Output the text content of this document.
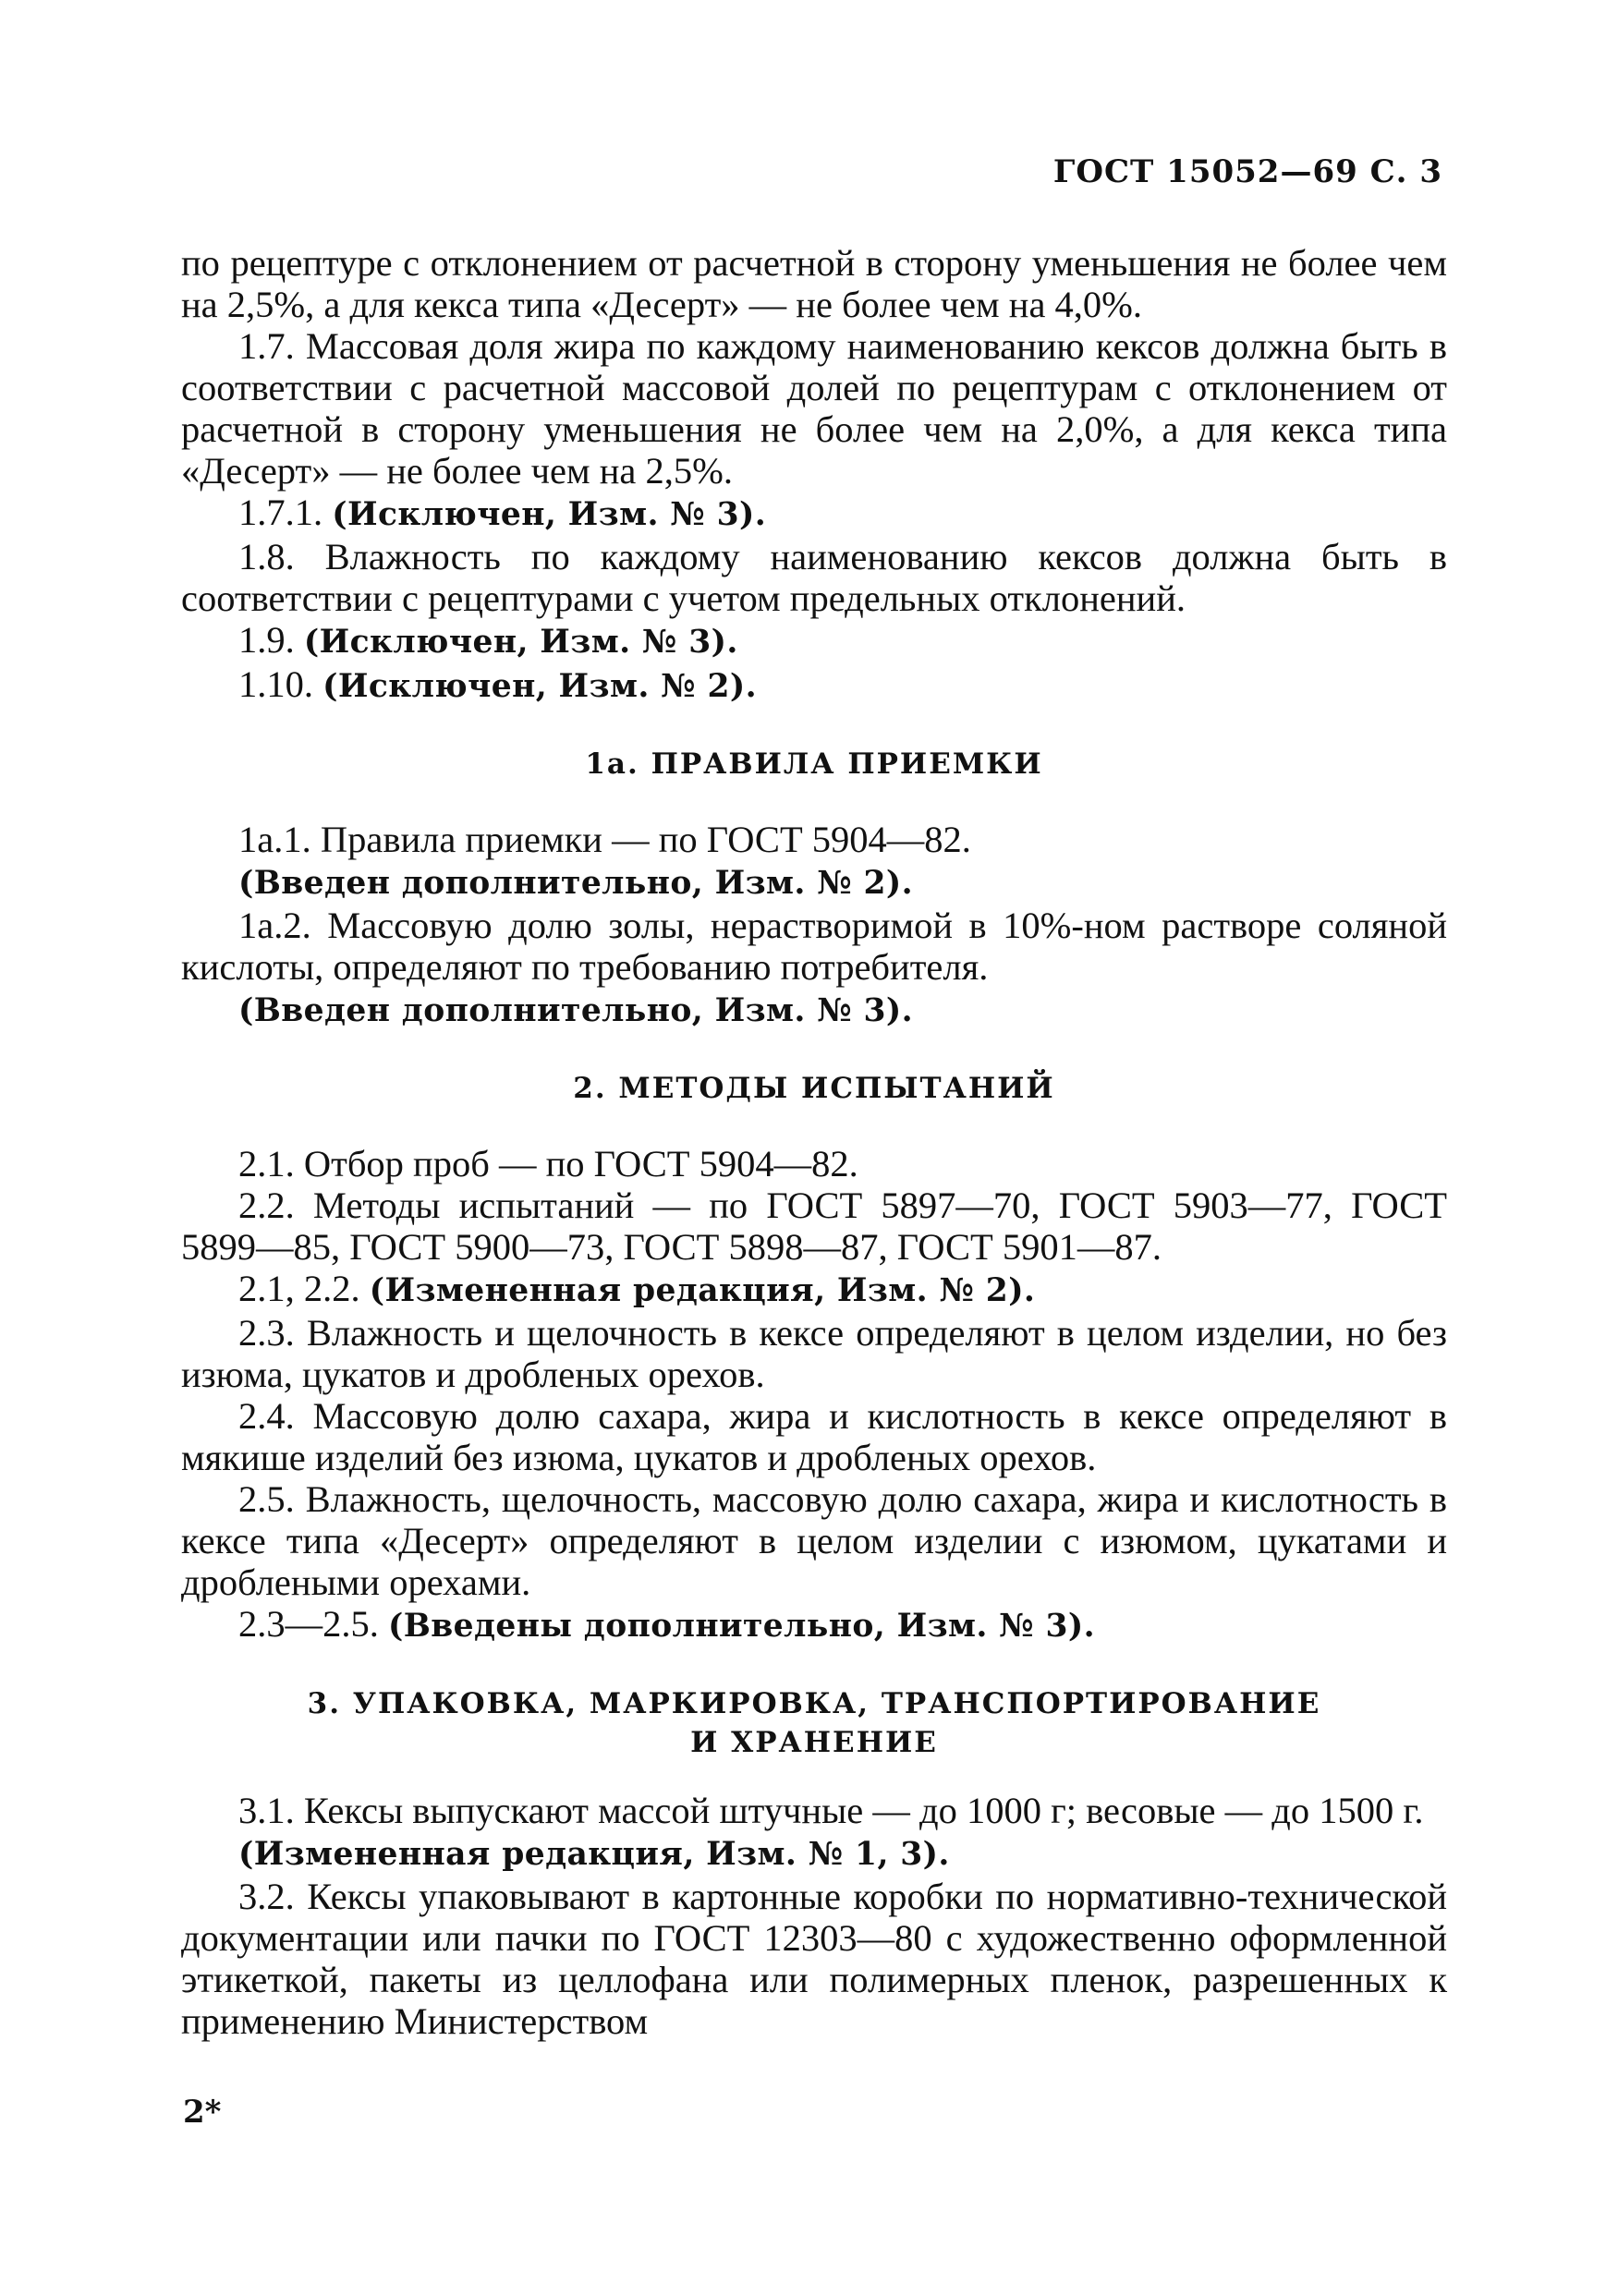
ГОСТ 15052—69 С. 3

по рецептуре с отклонением от расчетной в сторону уменьшения не более чем на 2,5%, а для кекса типа «Десерт» — не более чем на 4,0%.

1.7. Массовая доля жира по каждому наименованию кексов должна быть в соответствии с расчетной массовой долей по рецептурам с отклонением от расчетной в сторону уменьшения не более чем на 2,0%, а для кекса типа «Десерт» — не более чем на 2,5%.

1.7.1. (Исключен, Изм. № 3).

1.8. Влажность по каждому наименованию кексов должна быть в соответствии с рецептурами с учетом предельных отклонений.

1.9. (Исключен, Изм. № 3).

1.10. (Исключен, Изм. № 2).

1а. ПРАВИЛА ПРИЕМКИ

1а.1. Правила приемки — по ГОСТ 5904—82.

(Введен дополнительно, Изм. № 2).

1а.2. Массовую долю золы, нерастворимой в 10%-ном растворе соляной кислоты, определяют по требованию потребителя.

(Введен дополнительно, Изм. № 3).

2. МЕТОДЫ ИСПЫТАНИЙ

2.1. Отбор проб — по ГОСТ 5904—82.

2.2. Методы испытаний — по ГОСТ 5897—70, ГОСТ 5903—77, ГОСТ 5899—85, ГОСТ 5900—73, ГОСТ 5898—87, ГОСТ 5901—87.

2.1, 2.2. (Измененная редакция, Изм. № 2).

2.3. Влажность и щелочность в кексе определяют в целом изделии, но без изюма, цукатов и дробленых орехов.

2.4. Массовую долю сахара, жира и кислотность в кексе определяют в мякише изделий без изюма, цукатов и дробленых орехов.

2.5. Влажность, щелочность, массовую долю сахара, жира и кислотность в кексе типа «Десерт» определяют в целом изделии с изюмом, цукатами и дроблеными орехами.

2.3—2.5. (Введены дополнительно, Изм. № 3).

3. УПАКОВКА, МАРКИРОВКА, ТРАНСПОРТИРОВАНИЕ

И ХРАНЕНИЕ

3.1. Кексы выпускают массой штучные — до 1000 г; весовые — до 1500 г.

(Измененная редакция, Изм. № 1, 3).

3.2. Кексы упаковывают в картонные коробки по нормативно-технической документации или пачки по ГОСТ 12303—80 с художественно оформленной этикеткой, пакеты из целлофана или полимерных пленок, разрешенных к применению Министерством

2*
